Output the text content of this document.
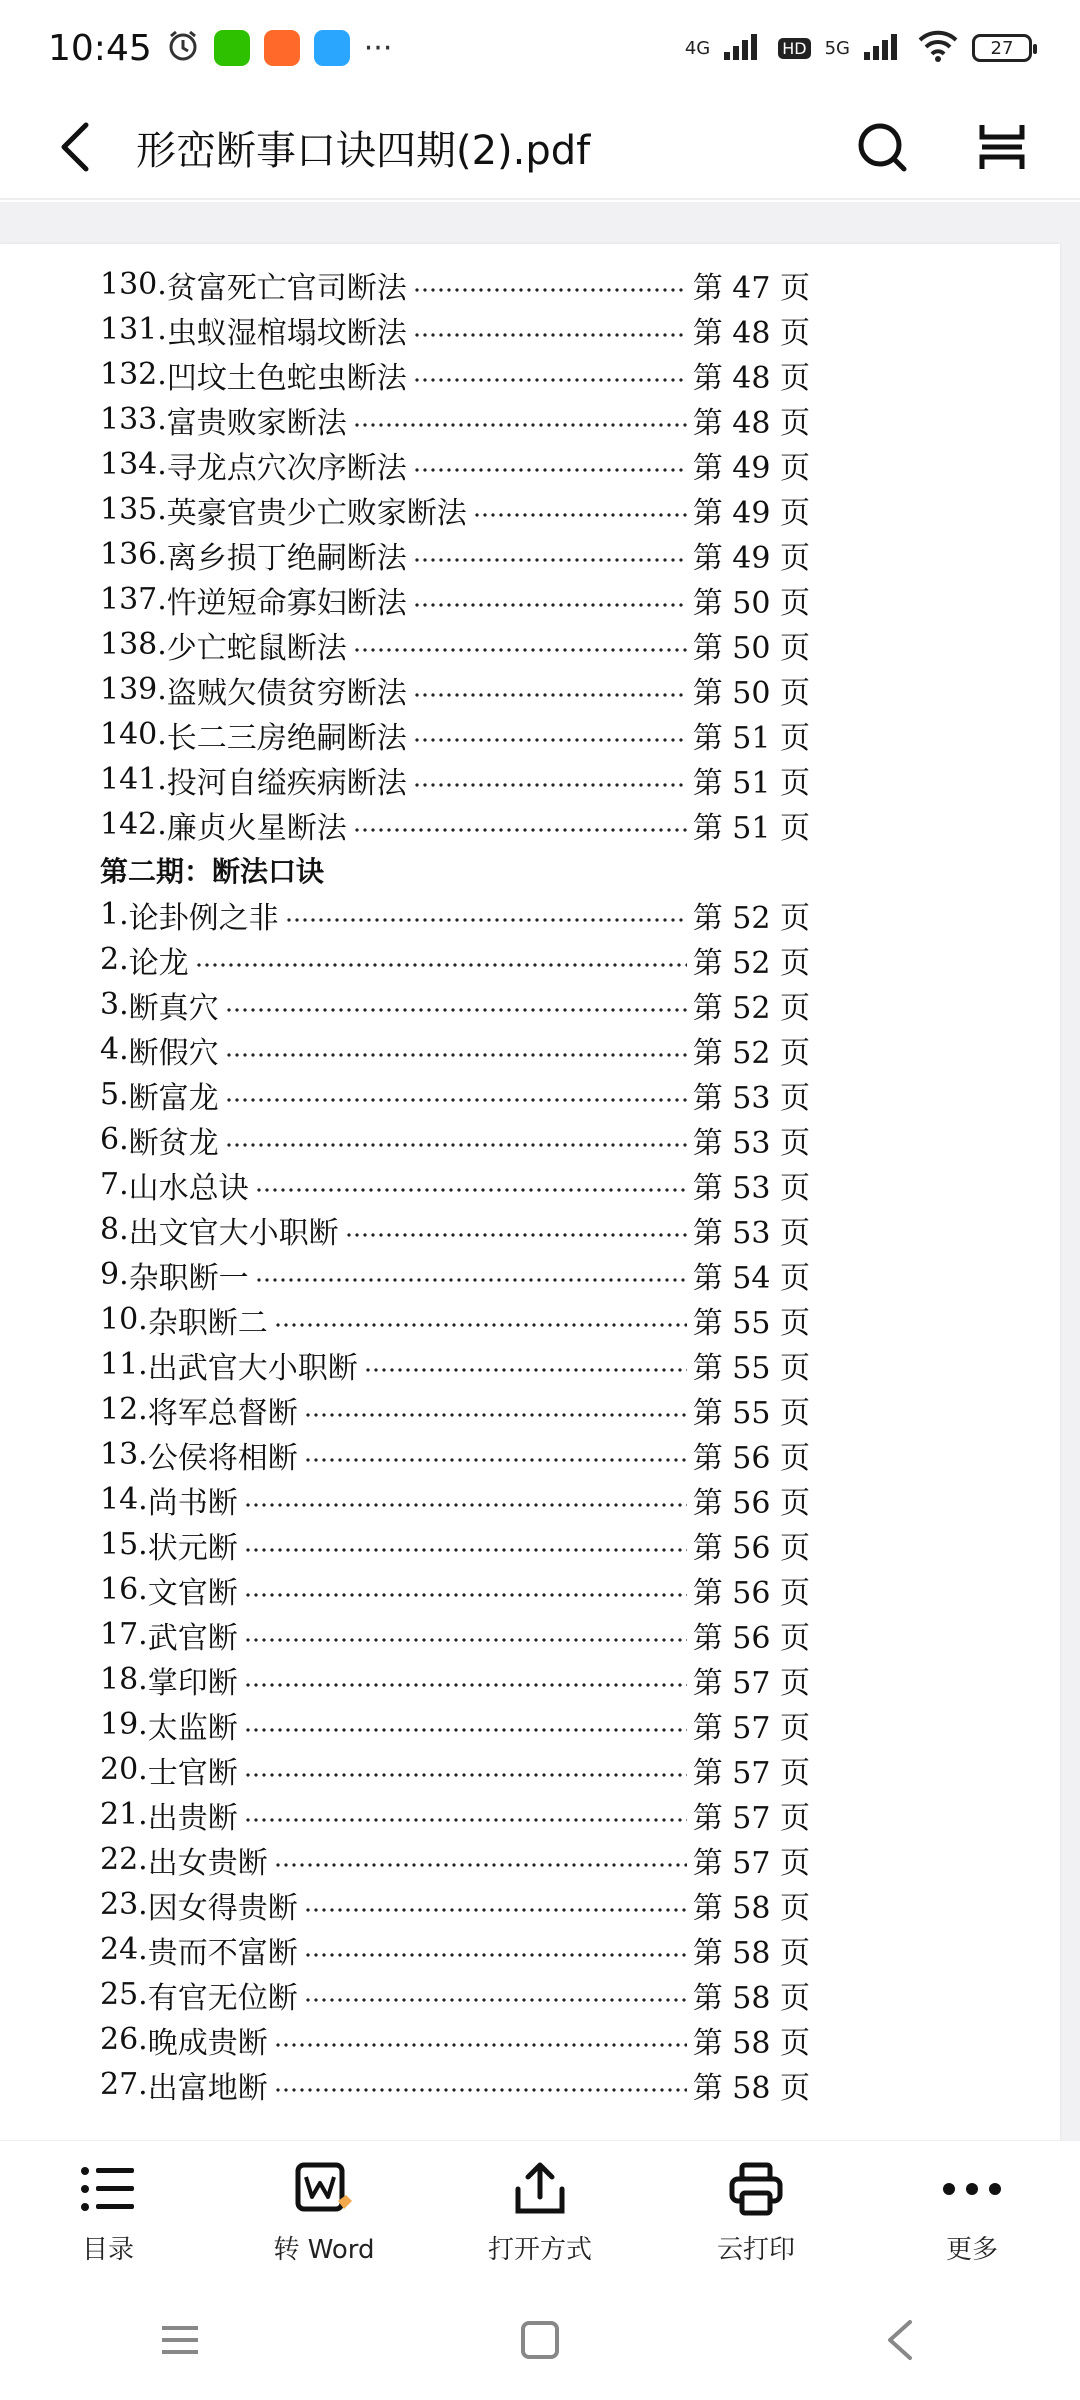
10:45	···	4G	HD 5G	27
形峦断事口诀四期(2).pdf
130. 贫富死亡官司断法	第 47 页
131. 虫蚁湿棺塌坟断法	第 48 页
132. 凹坟土色蛇虫断法	第 48 页
133. 富贵败家断法	第 48 页
134. 寻龙点穴次序断法	第 49 页
135. 英豪官贵少亡败家断法	第 49 页
136. 离乡损丁绝嗣断法	第 49 页
137. 忤逆短命寡妇断法	第 50 页
138. 少亡蛇鼠断法	第 50 页
139. 盗贼欠债贫穷断法	第 50 页
140. 长二三房绝嗣断法	第 51 页
141. 投河自缢疾病断法	第 51 页
142. 廉贞火星断法	第 51 页
第二期：断法口诀
1. 论卦例之非	第 52 页
2. 论龙	第 52 页
3. 断真穴	第 52 页
4. 断假穴	第 52 页
5. 断富龙	第 53 页
6. 断贫龙	第 53 页
7. 山水总诀	第 53 页
8. 出文官大小职断	第 53 页
9. 杂职断一	第 54 页
10. 杂职断二	第 55 页
11. 出武官大小职断	第 55 页
12. 将军总督断	第 55 页
13. 公侯将相断	第 56 页
14. 尚书断	第 56 页
15. 状元断	第 56 页
16. 文官断	第 56 页
17. 武官断	第 56 页
18. 掌印断	第 57 页
19. 太监断	第 57 页
20. 士官断	第 57 页
21. 出贵断	第 57 页
22. 出女贵断	第 57 页
23. 因女得贵断	第 58 页
24. 贵而不富断	第 58 页
25. 有官无位断	第 58 页
26. 晚成贵断	第 58 页
27. 出富地断	第 58 页
目录	转 Word	打开方式	云打印	更多
